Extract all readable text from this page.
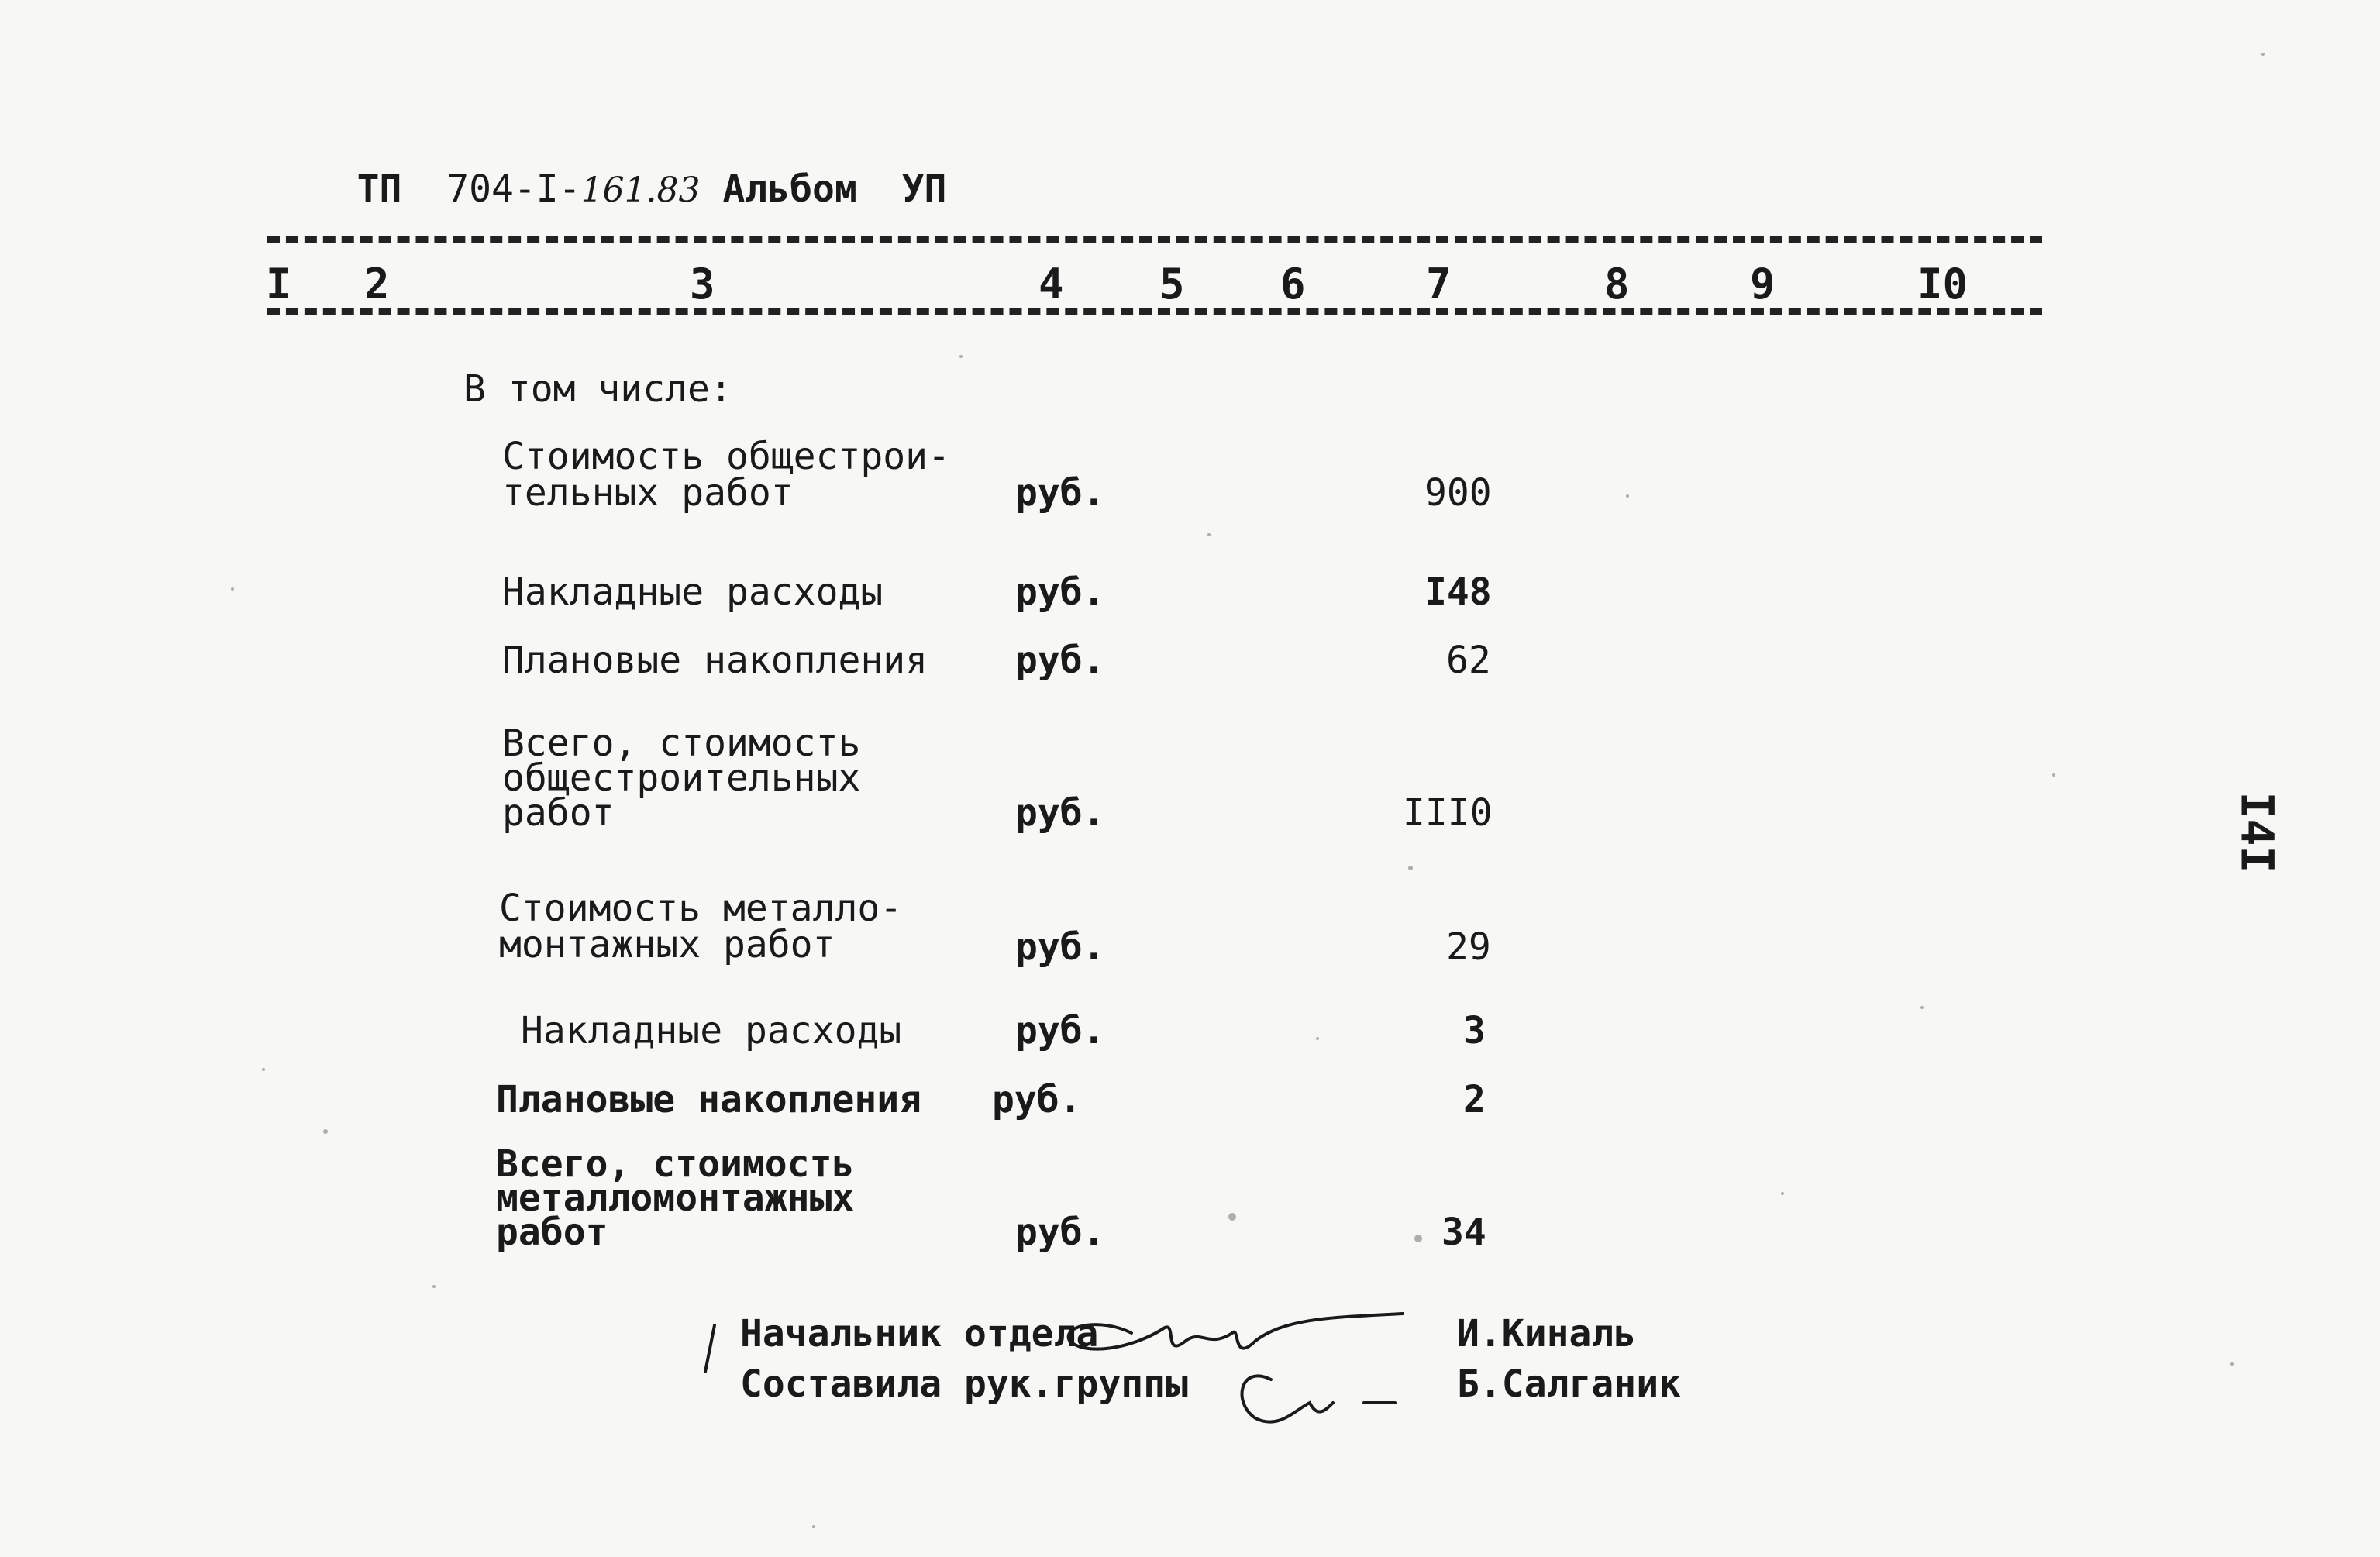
ТП 704-I-161.83 Альбом УП

I 2	3	4 5 6	7	8	9	I0
В том числе:
Стоимость общестрои-
тельных работ	руб.	900
Накладные расходы	руб.	I48
Плановые накопления руб.	62
Всего, стоимость
общестроительных
работ	руб.	III0
Стоимость металло-
монтажных работ	руб.	29
Накладные расходы	руб.	3
Плановые накопления руб.	2
Всего, стоимость
металломонтажных
работ	руб.	34
Начальник отдела	И.Киналь
Составила рук.группы	Б.Салганик
I4I
